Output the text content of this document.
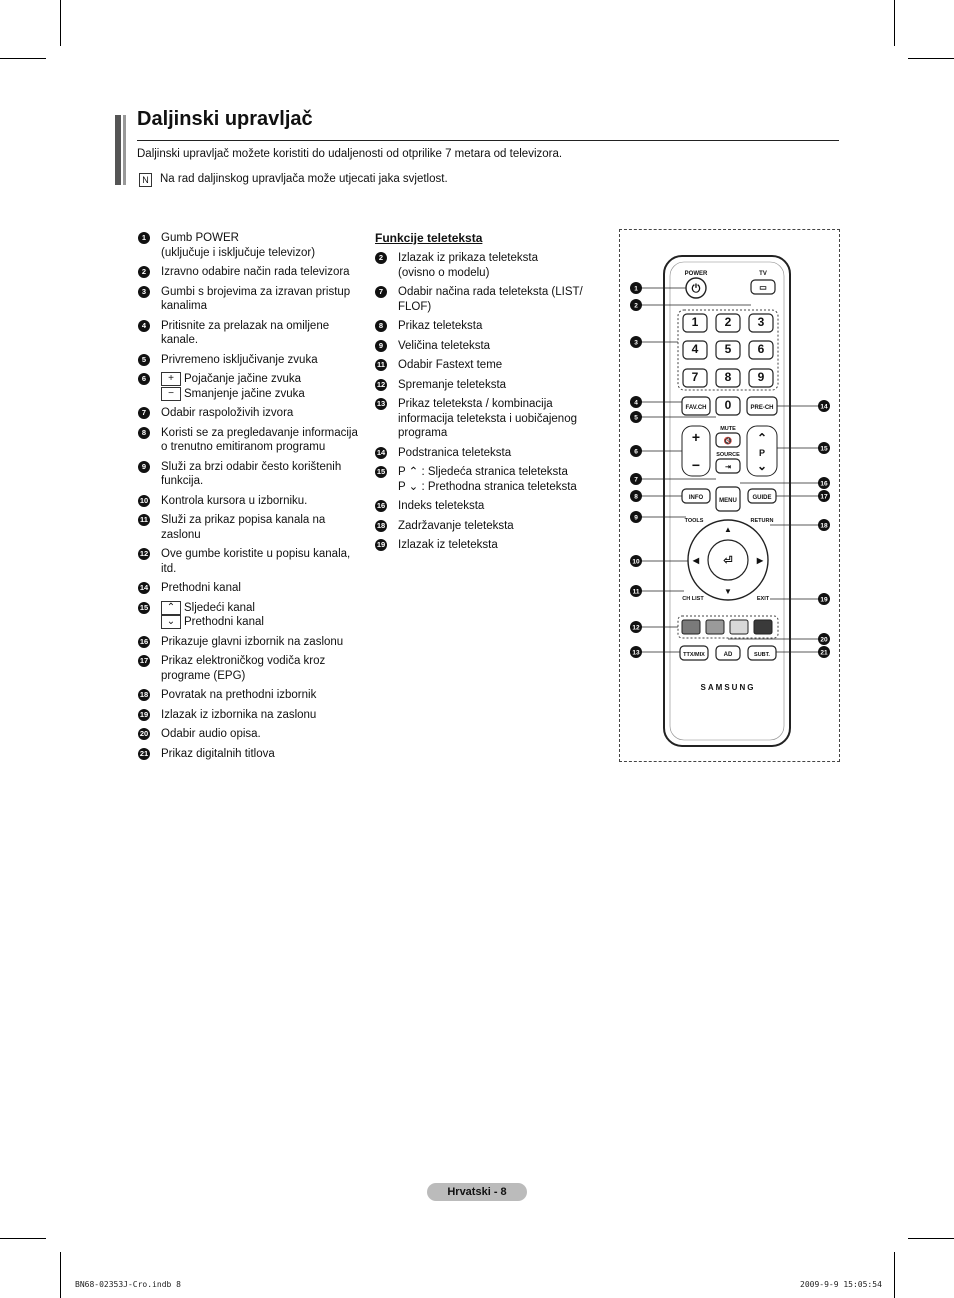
Daljinski upravljač
Daljinski upravljač možete koristiti do udaljenosti od otprilike 7 metara od televizora.
N Na rad daljinskog upravljača može utjecati jaka svjetlost.
1	Gumb POWER
(uključuje i isključuje televizor)
2	Izravno odabire način rada televizora
3	Gumbi s brojevima za izravan pristup
kanalima
4	Pritisnite za prelazak na omiljene
kanale.
5	Privremeno isključivanje zvuka
6	+ Pojačanje jačine zvuka
− Smanjenje jačine zvuka
7	Odabir raspoloživih izvora
8	Koristi se za pregledavanje informacija
o trenutno emitiranom programu
9	Služi za brzi odabir često korištenih
funkcija.
10 Kontrola kursora u izborniku.
11 Služi za prikaz popisa kanala na
zaslonu
12 Ove gumbe koristite u popisu kanala,
itd.
14 Prethodni kanal
15	⌃ Sljedeći kanal
⌄ Prethodni kanal
16 Prikazuje glavni izbornik na zaslonu
17 Prikaz elektroničkog vodiča kroz
programe (EPG)
18 Povratak na prethodni izbornik
19 Izlazak iz izbornika na zaslonu
20 Odabir audio opisa.
21 Prikaz digitalnih titlova
Funkcije teleteksta
2	Izlazak iz prikaza teleteksta
(ovisno o modelu)
7	Odabir načina rada teleteksta (LIST/
FLOF)
8	Prikaz teleteksta
9	Veličina teleteksta
11 Odabir Fastext teme
12 Spremanje teleteksta
13 Prikaz teleteksta / kombinacija
informacija teleteksta i uobičajenog
programa
14 Podstranica teleteksta
15 P ⌃ : Sljedeća stranica teleteksta
P ⌄ : Prethodna stranica teleteksta
16 Indeks teleteksta
18 Zadržavanje teleteksta
19 Izlazak iz teleteksta
POWER
⏻
TV
▭
1 2 3
4 5 6
7 8 9
FAV.CH 0	PRE-CH
+
−
MUTE
🔇
SOURCE
⇥
⌃
P
⌄
INFO	MENU	GUIDE
TOOLS	RETURN
⏎
▲
▼
◀	▶
CH LIST	EXIT
TTX/MIX	AD	SUBT.
SAMSUNG
1
2
3
4
5
6
7
8
9
10
11
12
13
14
15
16
17
18
19
20
21
Hrvatski - 8
BN68-02353J-Cro.indb 8	2009-9-9 15:05:54
